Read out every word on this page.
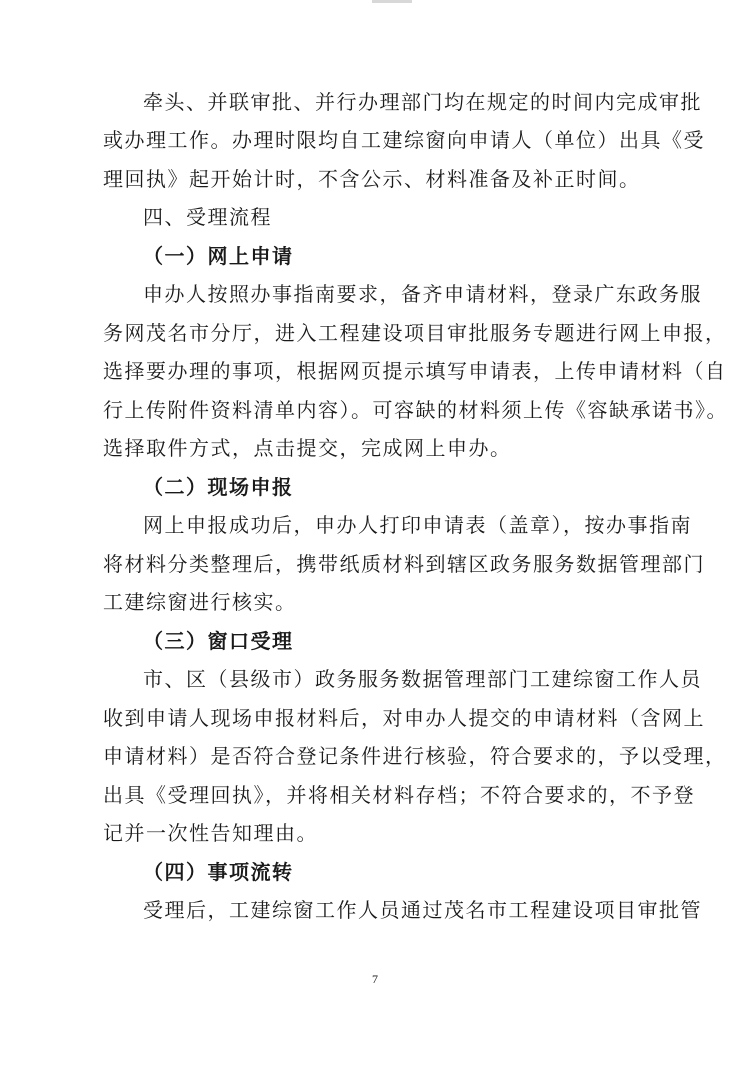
牵头、并联审批、并行办理部门均在规定的时间内完成审批
或办理工作。办理时限均自工建综窗向申请人（单位）出具《受
理回执》起开始计时，不含公示、材料准备及补正时间。
四、受理流程
（一）网上申请
申办人按照办事指南要求，备齐申请材料，登录广东政务服
务网茂名市分厅，进入工程建设项目审批服务专题进行网上申报，
选择要办理的事项，根据网页提示填写申请表，上传申请材料（自
行上传附件资料清单内容）。可容缺的材料须上传《容缺承诺书》。
选择取件方式，点击提交，完成网上申办。
（二）现场申报
网上申报成功后，申办人打印申请表（盖章），按办事指南
将材料分类整理后，携带纸质材料到辖区政务服务数据管理部门
工建综窗进行核实。
（三）窗口受理
市、区（县级市）政务服务数据管理部门工建综窗工作人员
收到申请人现场申报材料后，对申办人提交的申请材料（含网上
申请材料）是否符合登记条件进行核验，符合要求的，予以受理，
出具《受理回执》，并将相关材料存档；不符合要求的，不予登
记并一次性告知理由。
（四）事项流转
受理后，工建综窗工作人员通过茂名市工程建设项目审批管
7
